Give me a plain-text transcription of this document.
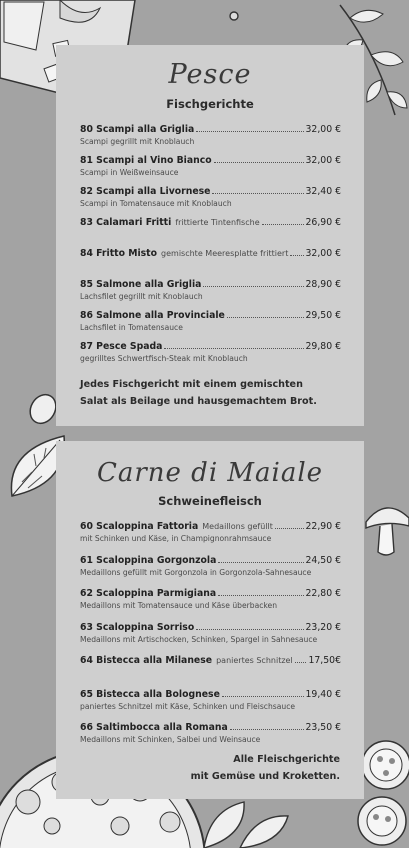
Pesce
Fischgerichte
80 Scampi alla Griglia	32,00 €
Scampi gegrillt mit Knoblauch
81 Scampi al Vino Bianco	32,00 €
Scampi in Weißweinsauce
82 Scampi alla Livornese	32,40 €
Scampi in Tomatensauce mit Knoblauch
83 Calamari Fritti frittierte Tintenfische	26,90 €
84 Fritto Misto gemischte Meeresplatte frittiert 32,00 €
85 Salmone alla Griglia	28,90 €
Lachsfilet gegrillt mit Knoblauch
86 Salmone alla Provinciale	29,50 €
Lachsfilet in Tomatensauce
87 Pesce Spada	29,80 €
gegrilltes Schwertfisch-Steak mit Knoblauch
Jedes Fischgericht mit einem gemischten
Salat als Beilage und hausgemachtem Brot.
Carne di Maiale
Schweinefleisch
60 Scaloppina Fattoria Medaillons gefüllt	22,90 €
mit Schinken und Käse, in Champignonrahmsauce
61 Scaloppina Gorgonzola	24,50 €
Medaillons gefüllt mit Gorgonzola in Gorgonzola-Sahnesauce
62 Scaloppina Parmigiana	22,80 €
Medaillons mit Tomatensauce und Käse überbacken
63 Scaloppina Sorriso	23,20 €
Medaillons mit Artischocken, Schinken, Spargel in Sahnesauce
64 Bistecca alla Milanese paniertes Schnitzel 17,50€
65 Bistecca alla Bolognese	19,40 €
paniertes Schnitzel mit Käse, Schinken und Fleischsauce
66 Saltimbocca alla Romana	23,50 €
Medaillons mit Schinken, Salbei und Weinsauce
Alle Fleischgerichte
mit Gemüse und Kroketten.
